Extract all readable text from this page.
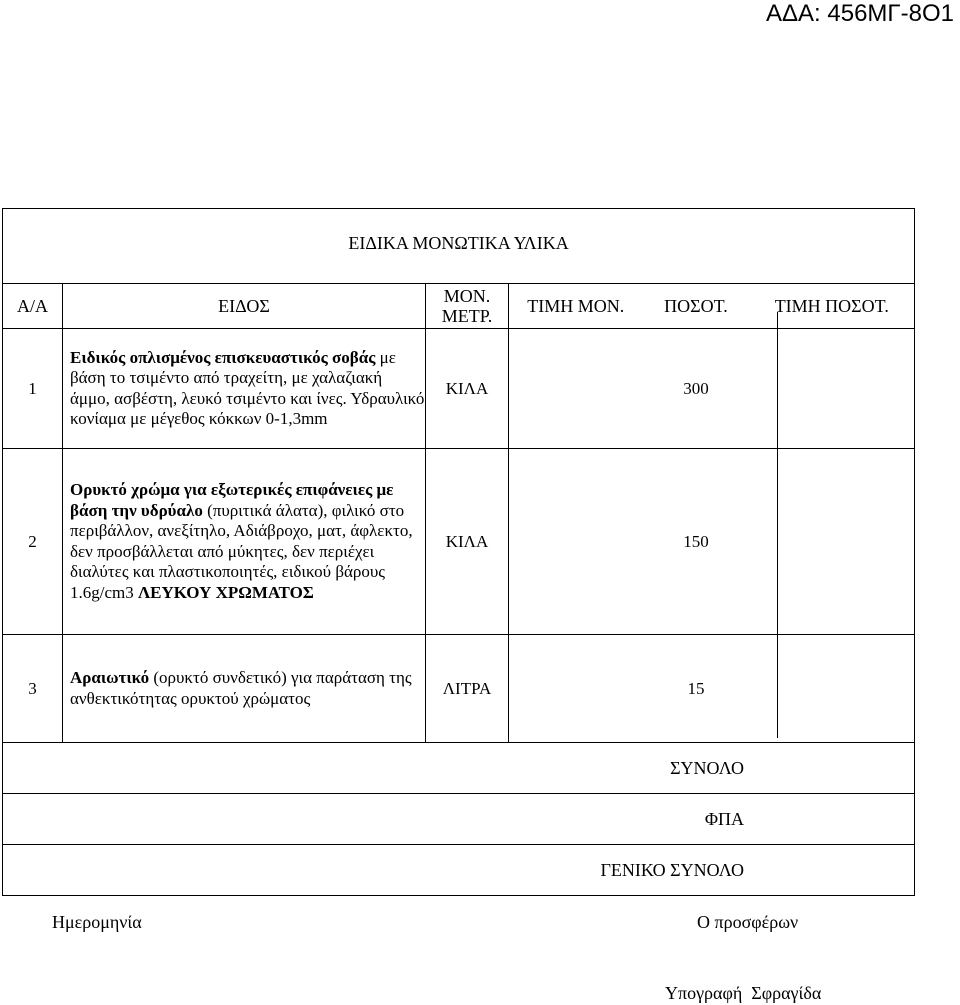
ΑΔΑ: 456ΜΓ-8Ο1
ΕΙΔΙΚΑ ΜΟΝΩΤΙΚΑ ΥΛΙΚΑ					
Α/Α	ΕΙΔΟΣ	ΜΟΝ. ΜΕΤΡ.	ΤΙΜΗ ΜΟΝ.	ΠΟΣΟΤ.	ΤΙΜΗ ΠΟΣΟΤ.
1	Ειδικός οπλισμένος επισκευαστικός σοβάς με βάση το τσιμέντο από τραχείτη, με χαλαζιακή άμμο, ασβέστη, λευκό τσιμέντο και ίνες. Υδραυλικό κονίαμα με μέγεθος κόκκων 0-1,3mm	ΚΙΛΑ		300	
2	Ορυκτό χρώμα για εξωτερικές επιφάνειες με βάση την υδρύαλο (πυριτικά άλατα), φιλικό στο περιβάλλον, ανεξίτηλο, Αδιάβροχο, ματ, άφλεκτο, δεν προσβάλλεται από μύκητες, δεν περιέχει διαλύτες και πλαστικοποιητές, ειδικού βάρους 1.6g/cm3 ΛΕΥΚΟΥ ΧΡΩΜΑΤΟΣ	ΚΙΛΑ		150	
3	Αραιωτικό (ορυκτό συνδετικό) για παράταση της ανθεκτικότητας ορυκτού χρώματος	ΛΙΤΡΑ		15	
ΣΥΝΟΛΟ					
ΦΠΑ					
ΓΕΝΙΚΟ ΣΥΝΟΛΟ					
Ημερομηνία	Ο προσφέρων
Υπογραφή  Σφραγίδα
